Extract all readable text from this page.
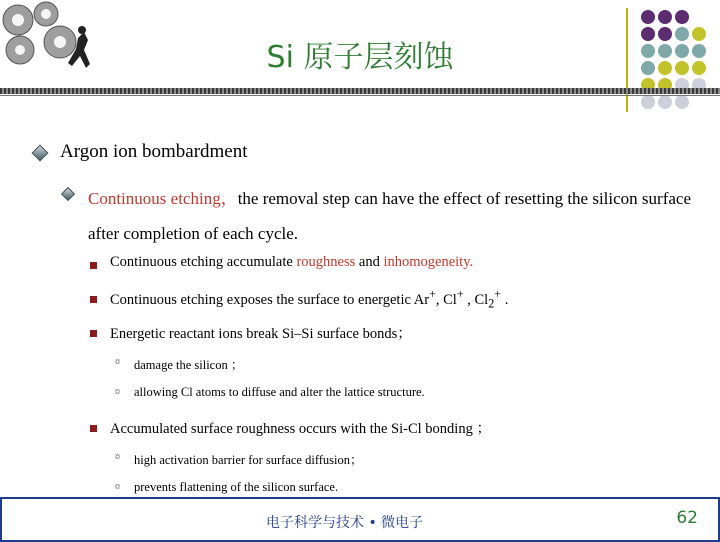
Si 原子层刻蚀
Argon ion bombardment
Continuous etching，the removal step can have the effect of resetting the silicon surface after completion of each cycle.
Continuous etching accumulate roughness and inhomogeneity.
Continuous etching exposes the surface to energetic Ar+, Cl+ , $Cl_2^+$ .
Energetic reactant ions break Si–Si surface bonds；
¤ damage the silicon ；
¤ allowing Cl atoms to diffuse and alter the lattice structure.
Accumulated surface roughness occurs with the Si-Cl bonding ；
¤ high activation barrier for surface diffusion；
¤ prevents flattening of the silicon surface.
电子科学与技术 • 微电子	62
